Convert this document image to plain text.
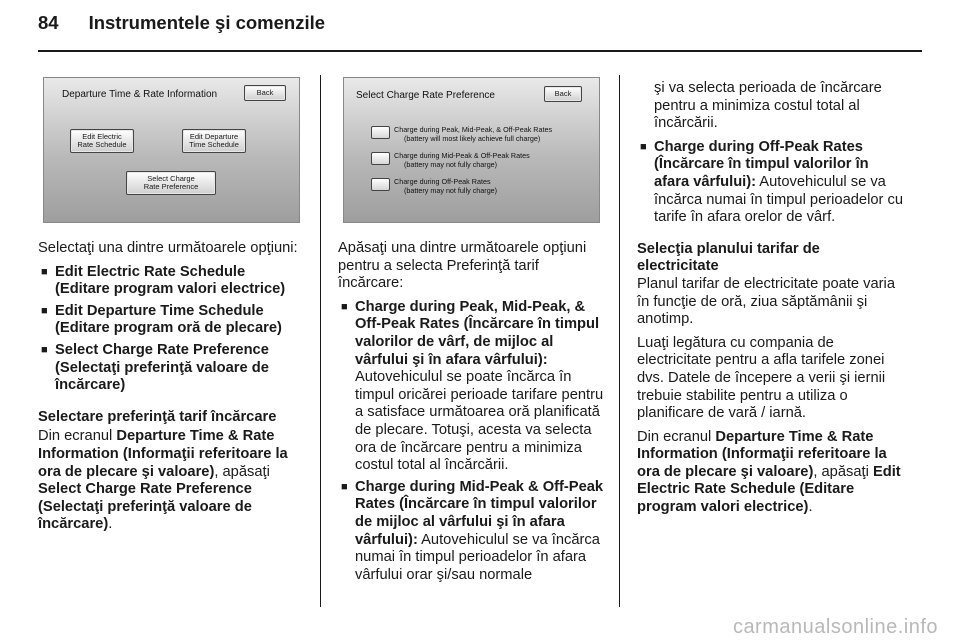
84 Instrumentele şi comenzile
Departure Time & Rate Information	Back
Edit Electric
Rate Schedule
Edit Departure
Time Schedule
Select Charge
Rate Preference
Select Charge Rate Preference	Back
Charge during Peak, Mid-Peak, & Off-Peak Rates
(battery will most likely achieve full charge)
Charge during Mid-Peak & Off-Peak Rates
(battery may not fully charge)
Charge during Off-Peak Rates
(battery may not fully charge)

Selectaţi una dintre următoarele opţiuni:

■ Edit Electric Rate Schedule (Editare program valori electrice)
■ Edit Departure Time Schedule (Editare program oră de plecare)
■ Select Charge Rate Preference (Selectaţi preferinţă valoare de încărcare)

Selectare preferinţă tarif încărcare

Din ecranul Departure Time & Rate Information (Informaţii referitoare la ora de plecare şi valoare), apăsaţi Select Charge Rate Preference (Selectaţi preferinţă valoare de încărcare).

Apăsaţi una dintre următoarele opţiuni pentru a selecta Preferinţă tarif încărcare:

■ Charge during Peak, Mid-Peak, & Off-Peak Rates (Încărcare în timpul valorilor de vârf, de mijloc al vârfului şi în afara vârfului): Autovehiculul se poate încărca în timpul oricărei perioade tarifare pentru a satisface următoarea oră planificată de plecare. Totuşi, acesta va selecta ora de încărcare pentru a minimiza costul total al încărcării.
■ Charge during Mid-Peak & Off-Peak Rates (Încărcare în timpul valorilor de mijloc al vârfului şi în afara vârfului): Autovehiculul se va încărca numai în timpul perioadelor în afara vârfului orar şi/sau normale

şi va selecta perioada de încărcare pentru a minimiza costul total al încărcării.

■ Charge during Off-Peak Rates (Încărcare în timpul valorilor în afara vârfului): Autovehiculul se va încărca numai în timpul perioadelor cu tarife în afara orelor de vârf.

Selecţia planului tarifar de electricitate

Planul tarifar de electricitate poate varia în funcţie de oră, ziua săptămânii şi anotimp.

Luaţi legătura cu compania de electricitate pentru a afla tarifele zonei dvs. Datele de începere a verii şi iernii trebuie stabilite pentru a utiliza o planificare de vară / iarnă.

Din ecranul Departure Time & Rate Information (Informaţii referitoare la ora de plecare şi valoare), apăsaţi Edit Electric Rate Schedule (Editare program valori electrice).

carmanualsonline.info
